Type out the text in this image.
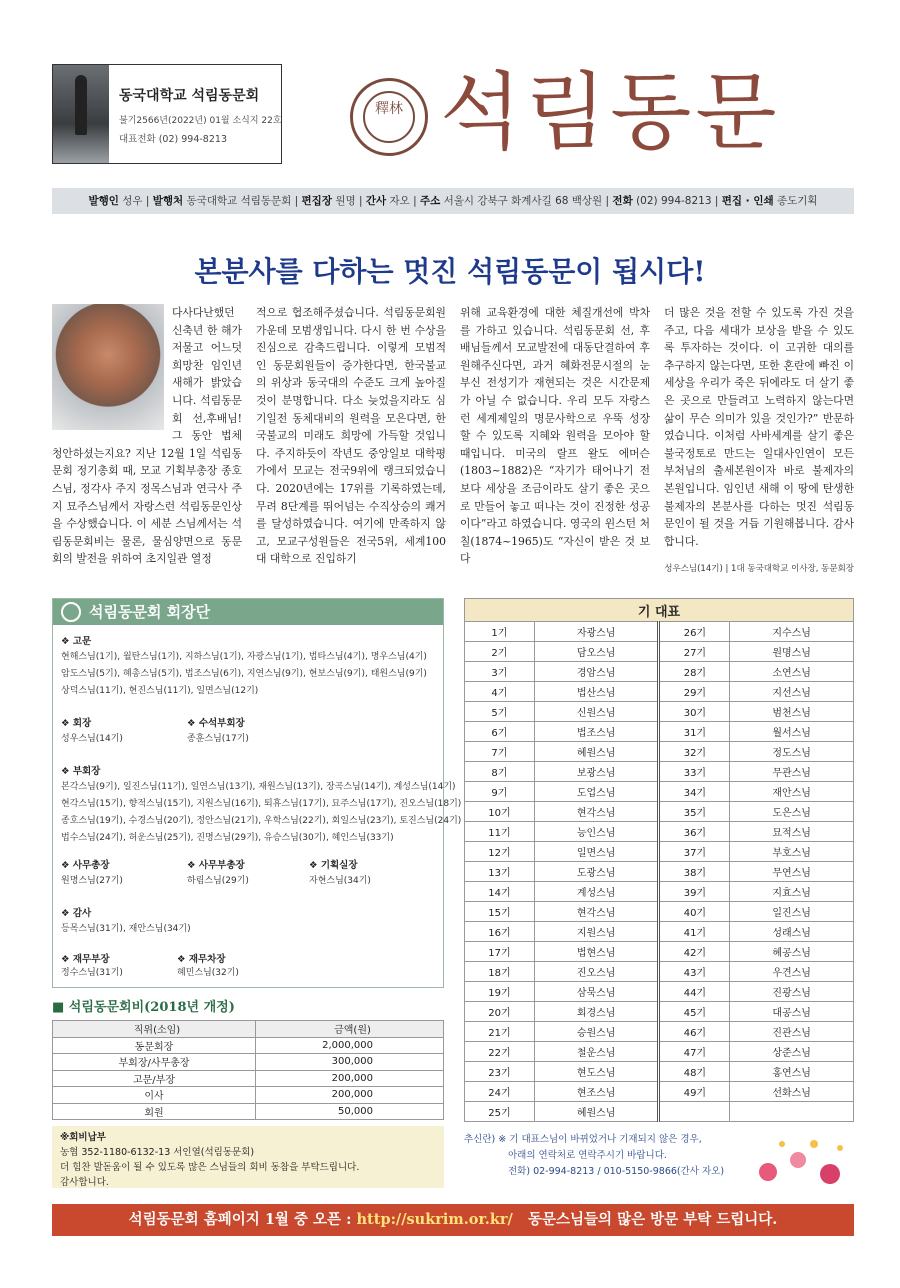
동국대학교 석림동문회
불기2566년(2022년) 01월 소식지 22호
대표전화 (02) 994-8213
釋林 석림동문
발행인 성우 | 발행처 동국대학교 석림동문회 | 편집장 원명 | 간사 자오 | 주소 서울시 강북구 화계사길 68 백상원 | 전화 (02) 994-8213 | 편집 · 인쇄 종도기획
본분사를 다하는 멋진 석림동문이 됩시다!
다사다난했던 신축년 한 해가 저물고 어느덧 희망찬 임인년 새해가 밝았습니다. 석림동문회 선,후배님! 그 동안 법체 청안하셨는지요? 지난 12월 1일 석림동문회 정기총회 때, 모교 기획부총장 종호스님, 정각사 주지 정목스님과 연극사 주지 묘주스님께서 자랑스런 석림동문인상을 수상했습니다. 이 세분 스님께서는 석림동문회비는 물론, 물심양면으로 동문회의 발전을 위하여 초지일관 열정
적으로 협조해주셨습니다. 석림동문회원 가운데 모범생입니다. 다시 한 번 수상을 진심으로 감축드립니다. 이렇게 모범적인 동문회원들이 증가한다면, 한국불교의 위상과 동국대의 수준도 크게 높아질 것이 분명합니다. 다소 늦었을지라도 심기일전 동체대비의 원력을 모은다면, 한국불교의 미래도 희망에 가득할 것입니다. 주지하듯이 작년도 중앙일보 대학평가에서 모교는 전국9위에 랭크되었습니다. 2020년에는 17위를 기록하였는데, 무려 8단계를 뛰어넘는 수직상승의 쾌거를 달성하였습니다. 여기에 만족하지 않고, 모교구성원들은 전국5위, 세계100대 대학으로 진입하기
위해 교육환경에 대한 체질개선에 박차를 가하고 있습니다. 석림동문회 선, 후배님들께서 모교발전에 대동단결하여 후원해주신다면, 과거 혜화전문시절의 눈부신 전성기가 재현되는 것은 시간문제가 아닐 수 없습니다. 우리 모두 자랑스런 세계제일의 명문사학으로 우뚝 성장할 수 있도록 지혜와 원력을 모아야 할 때입니다. 미국의 랄프 왈도 에머슨(1803~1882)은 “자기가 태어나기 전 보다 세상을 조금이라도 살기 좋은 곳으로 만들어 놓고 떠나는 것이 진정한 성공이다”라고 하였습니다. 영국의 윈스턴 처칠(1874~1965)도 “자신이 받은 것 보다
더 많은 것을 전할 수 있도록 가진 것을 주고, 다음 세대가 보상을 받을 수 있도록 투자하는 것이다. 이 고귀한 대의를 추구하지 않는다면, 또한 혼란에 빠진 이 세상을 우리가 죽은 뒤에라도 더 살기 좋은 곳으로 만들려고 노력하지 않는다면 삶이 무슨 의미가 있을 것인가?” 반문하였습니다. 이처럼 사바세계를 살기 좋은 불국정토로 만드는 일대사인연이 모든 부처님의 출세본원이자 바로 불제자의 본원입니다. 임인년 새해 이 땅에 탄생한 불제자의 본분사를 다하는 멋진 석림동문인이 될 것을 거듭 기원해봅니다. 감사합니다.
성우스님(14기) | 1대 동국대학교 이사장, 동문회장
석림동문회 회장단
❖ 고문
현해스님(1기), 월탄스님(1기), 지하스님(1기), 자광스님(1기), 법타스님(4기), 명우스님(4기)
암도스님(5기), 혜총스님(5기), 법조스님(6기), 지연스님(9기), 현보스님(9기), 태원스님(9기)
상덕스님(11기), 현진스님(11기), 일면스님(12기)
❖ 회장
성우스님(14기)
❖ 수석부회장
종훈스님(17기)
❖ 부회장
본각스님(9기), 일진스님(11기), 일연스님(13기), 재원스님(13기), 장곡스님(14기), 계성스님(14기)
현각스님(15기), 향적스님(15기), 지원스님(16기), 퇴휴스님(17기), 묘주스님(17기), 진오스님(18기)
종호스님(19기), 수경스님(20기), 정안스님(21기), 우학스님(22기), 회일스님(23기), 토진스님(24기)
법수스님(24기), 허운스님(25기), 진명스님(29기), 유승스님(30기), 혜인스님(33기)
❖ 사무총장
원명스님(27기)
❖ 사무부총장
하림스님(29기)
❖ 기획실장
자현스님(34기)
❖ 감사
등목스님(31기), 재안스님(34기)
❖ 재무부장
정수스님(31기)
❖ 재무차장
혜민스님(32기)
■ 석림동문회비(2018년 개정)
직위(소임)	금액(원)
동문회장	2,000,000
부회장/사무총장	300,000
고문/부장	200,000
이사	200,000
회원	50,000
※회비납부
농협 352-1180-6132-13 서인열(석림동문회)
더 힘찬 발돋움이 될 수 있도록 많은 스님들의 회비 동참을 부탁드립니다.
감사합니다.
기 대표			
1기	자광스님	26기	지수스님
2기	담오스님	27기	원명스님
3기	경암스님	28기	소연스님
4기	법산스님	29기	지선스님
5기	신원스님	30기	범천스님
6기	법조스님	31기	월서스님
7기	혜원스님	32기	정도스님
8기	보광스님	33기	무관스님
9기	도업스님	34기	재안스님
10기	현각스님	35기	도은스님
11기	능인스님	36기	묘적스님
12기	일면스님	37기	부호스님
13기	도광스님	38기	무연스님
14기	계성스님	39기	지효스님
15기	현각스님	40기	일진스님
16기	지원스님	41기	성래스님
17기	법현스님	42기	혜공스님
18기	진오스님	43기	우견스님
19기	삼묵스님	44기	진광스님
20기	회경스님	45기	대공스님
21기	승원스님	46기	진관스님
22기	철운스님	47기	상준스님
23기	현도스님	48기	홍연스님
24기	현조스님	49기	선화스님
25기	혜원스님		
추신란) ※ 기 대표스님이 바뀌었거나 기재되지 않은 경우,
아래의 연락처로 연락주시기 바랍니다.
전화) 02-994-8213 / 010-5150-9866(간사 자오)
석림동문회 홈페이지 1월 중 오픈 : http://sukrim.or.kr/ 동문스님들의 많은 방문 부탁 드립니다.
